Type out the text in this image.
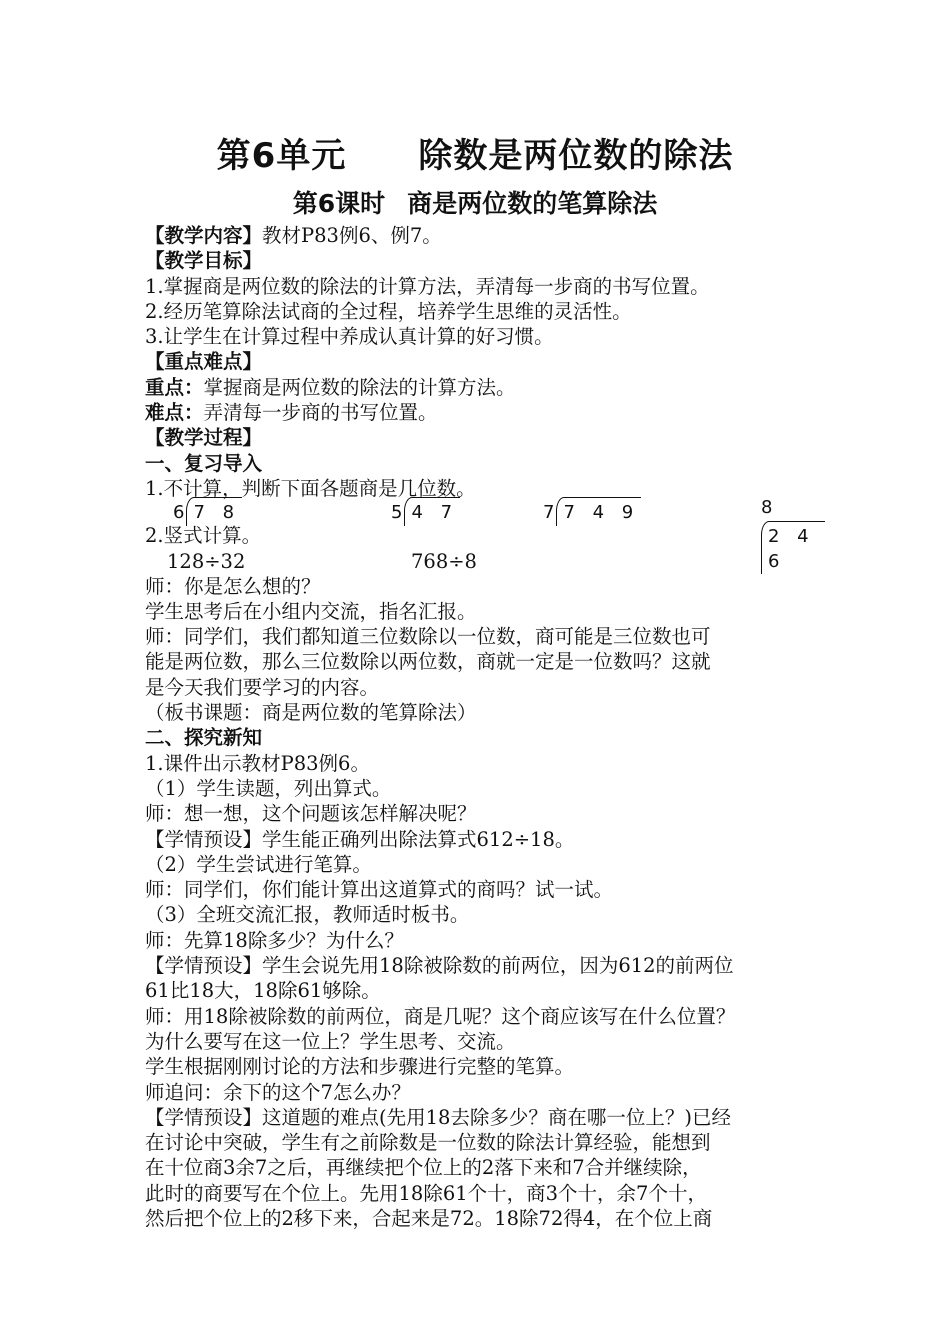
第6单元 除数是两位数的除法
第6课时 商是两位数的笔算除法
【教学内容】教材P83例6、例7。
【教学目标】
1.掌握商是两位数的除法的计算方法，弄清每一步商的书写位置。
2.经历笔算除法试商的全过程，培养学生思维的灵活性。
3.让学生在计算过程中养成认真计算的好习惯。
【重点难点】
重点：掌握商是两位数的除法的计算方法。
难点：弄清每一步商的书写位置。
【教学过程】
一、复习导入
1.不计算，判断下面各题商是几位数。
6 7 8	5 4 7	7 7 4 9	82 4 6
2.竖式计算。
128÷32	768÷8
师：你是怎么想的？
学生思考后在小组内交流，指名汇报。
师：同学们，我们都知道三位数除以一位数，商可能是三位数也可
能是两位数，那么三位数除以两位数，商就一定是一位数吗？这就
是今天我们要学习的内容。
（板书课题：商是两位数的笔算除法）
二、探究新知
1.课件出示教材P83例6。
（1）学生读题，列出算式。
师：想一想，这个问题该怎样解决呢？
【学情预设】学生能正确列出除法算式612÷18。
（2）学生尝试进行笔算。
师：同学们，你们能计算出这道算式的商吗？试一试。
（3）全班交流汇报，教师适时板书。
师：先算18除多少？为什么？
【学情预设】学生会说先用18除被除数的前两位，因为612的前两位
61比18大，18除61够除。
师：用18除被除数的前两位，商是几呢？这个商应该写在什么位置？
为什么要写在这一位上？学生思考、交流。
学生根据刚刚讨论的方法和步骤进行完整的笔算。
师追问：余下的这个7怎么办？
【学情预设】这道题的难点(先用18去除多少？商在哪一位上？)已经
在讨论中突破，学生有之前除数是一位数的除法计算经验，能想到
在十位商3余7之后，再继续把个位上的2落下来和7合并继续除，
此时的商要写在个位上。先用18除61个十，商3个十，余7个十，
然后把个位上的2移下来，合起来是72。18除72得4，在个位上商
